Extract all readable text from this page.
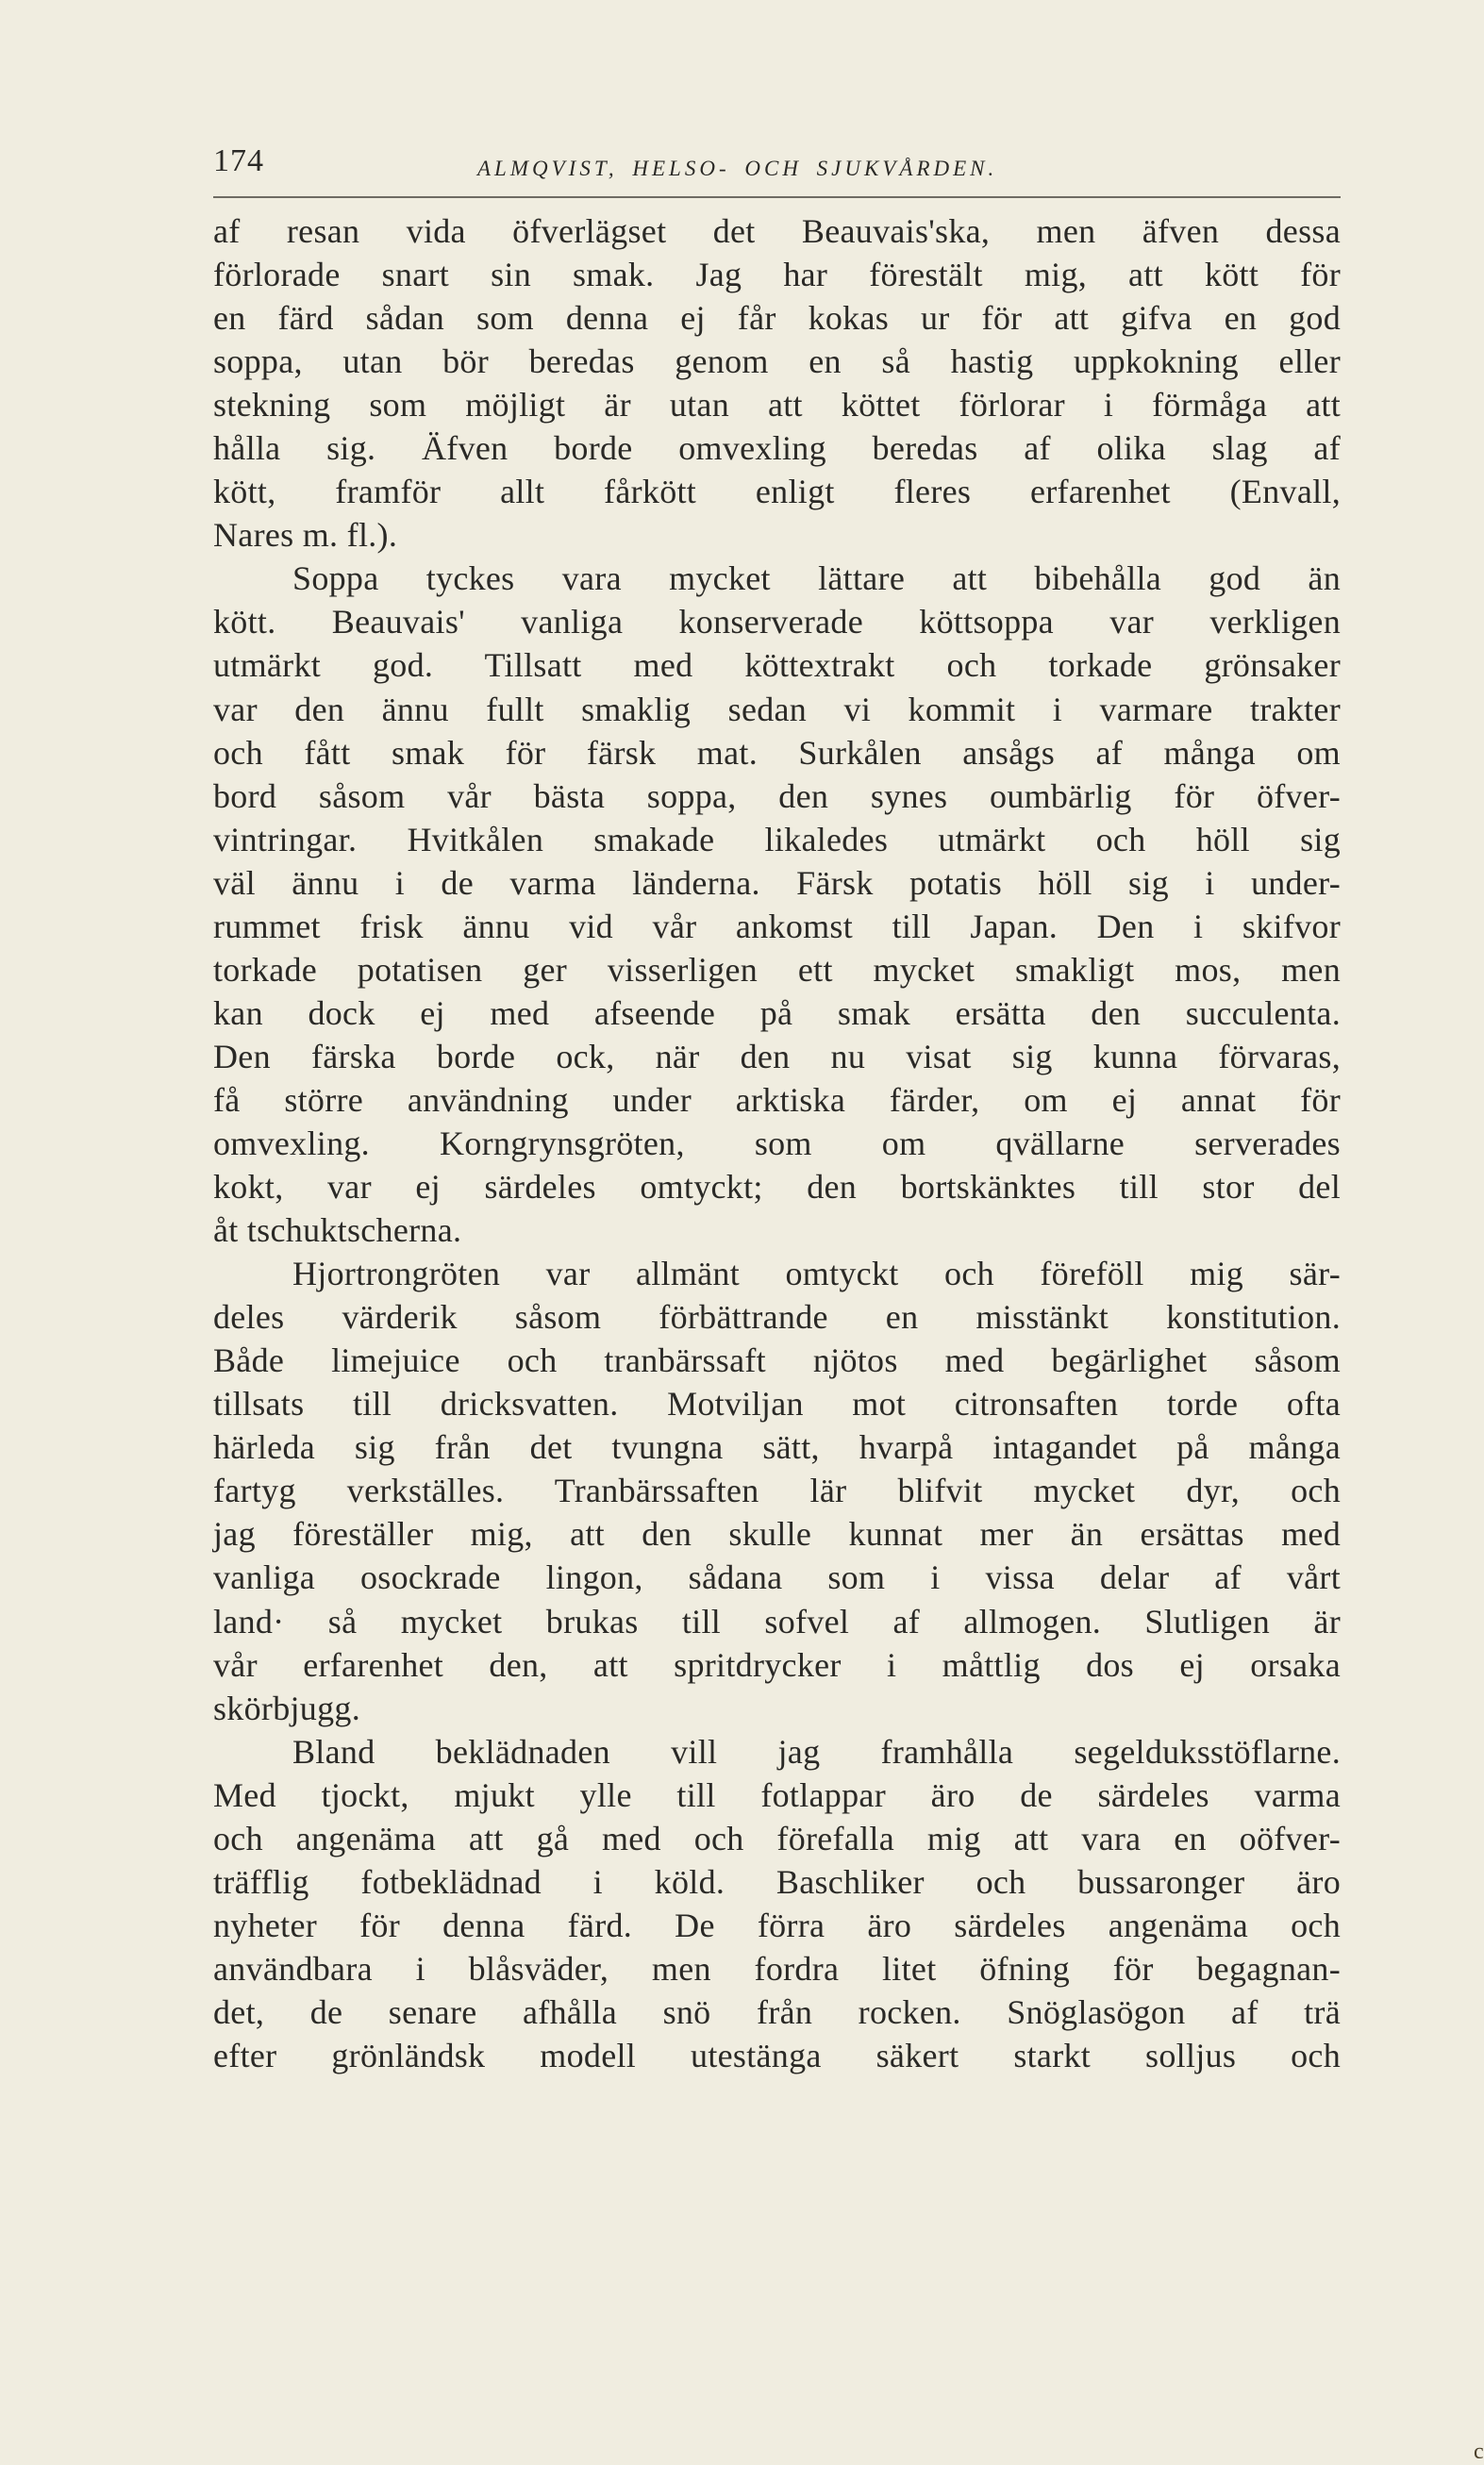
174	ALMQVIST, HELSO- OCH SJUKVÅRDEN.
af resan vida öfverlägset det Beauvais'ska, men äfven dessa
förlorade snart sin smak. Jag har förestält mig, att kött för
en färd sådan som denna ej får kokas ur för att gifva en god
soppa, utan bör beredas genom en så hastig uppkokning eller
stekning som möjligt är utan att köttet förlorar i förmåga att
hålla sig. Äfven borde omvexling beredas af olika slag af
kött, framför allt fårkött enligt fleres erfarenhet (Envall,
Nares m. fl.).
Soppa tyckes vara mycket lättare att bibehålla god än
kött. Beauvais' vanliga konserverade köttsoppa var verkligen
utmärkt god. Tillsatt med köttextrakt och torkade grönsaker
var den ännu fullt smaklig sedan vi kommit i varmare trakter
och fått smak för färsk mat. Surkålen ansågs af många om
bord såsom vår bästa soppa, den synes oumbärlig för öfver-
vintringar. Hvitkålen smakade likaledes utmärkt och höll sig
väl ännu i de varma länderna. Färsk potatis höll sig i under-
rummet frisk ännu vid vår ankomst till Japan. Den i skifvor
torkade potatisen ger visserligen ett mycket smakligt mos, men
kan dock ej med afseende på smak ersätta den succulenta.
Den färska borde ock, när den nu visat sig kunna förvaras,
få större användning under arktiska färder, om ej annat för
omvexling. Korngrynsgröten, som om qvällarne serverades
kokt, var ej särdeles omtyckt; den bortskänktes till stor del
åt tschuktscherna.
Hjortrongröten var allmänt omtyckt och föreföll mig sär-
deles värderik såsom förbättrande en misstänkt konstitution.
Både limejuice och tranbärssaft njötos med begärlighet såsom
tillsats till dricksvatten. Motviljan mot citronsaften torde ofta
härleda sig från det tvungna sätt, hvarpå intagandet på många
fartyg verkställes. Tranbärssaften lär blifvit mycket dyr, och
jag föreställer mig, att den skulle kunnat mer än ersättas med
vanliga osockrade lingon, sådana som i vissa delar af vårt
land· så mycket brukas till sofvel af allmogen. Slutligen är
vår erfarenhet den, att spritdrycker i måttlig dos ej orsaka
skörbjugg.
Bland beklädnaden vill jag framhålla segelduksstöflarne.
Med tjockt, mjukt ylle till fotlappar äro de särdeles varma
och angenäma att gå med och förefalla mig att vara en oöfver-
träfflig fotbeklädnad i köld. Baschliker och bussaronger äro
nyheter för denna färd. De förra äro särdeles angenäma och
användbara i blåsväder, men fordra litet öfning för begagnan-
det, de senare afhålla snö från rocken. Snöglasögon af trä
efter grönländsk modell utestänga säkert starkt solljus och
c
